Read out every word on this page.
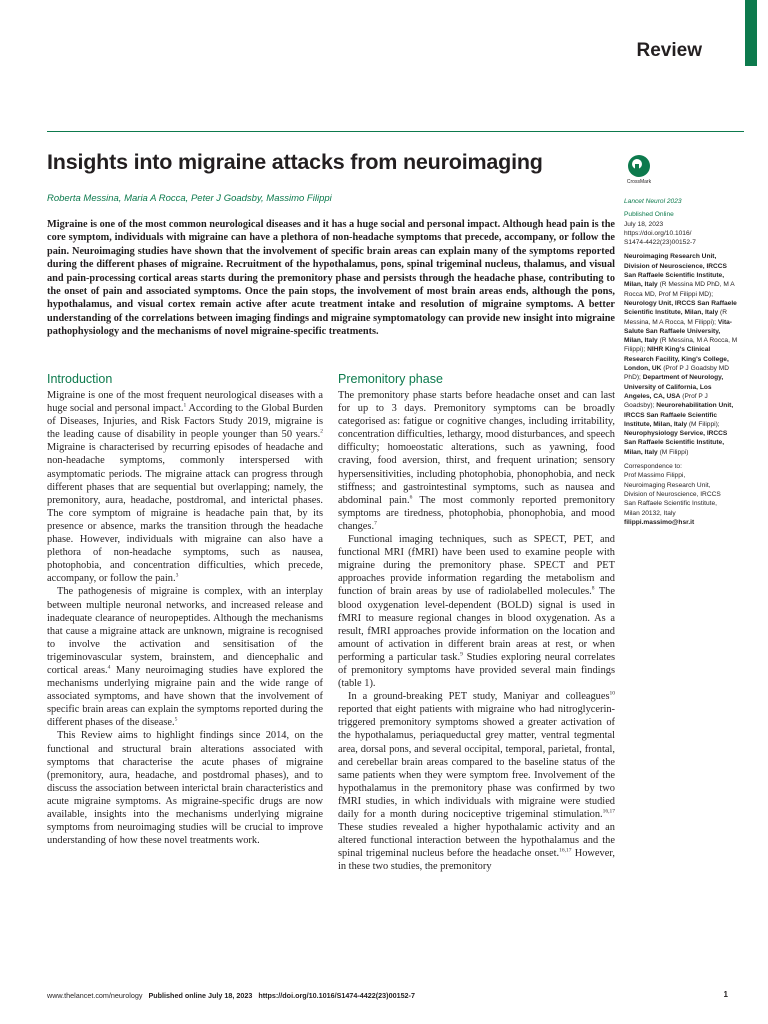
Review
Insights into migraine attacks from neuroimaging
CrossMark
Roberta Messina, Maria A Rocca, Peter J Goadsby, Massimo Filippi
Migraine is one of the most common neurological diseases and it has a huge social and personal impact. Although head pain is the core symptom, individuals with migraine can have a plethora of non-headache symptoms that precede, accompany, or follow the pain. Neuroimaging studies have shown that the involvement of specific brain areas can explain many of the symptoms reported during the different phases of migraine. Recruitment of the hypothalamus, pons, spinal trigeminal nucleus, thalamus, and visual and pain-processing cortical areas starts during the premonitory phase and persists through the headache phase, contributing to the onset of pain and associated symptoms. Once the pain stops, the involvement of most brain areas ends, although the pons, hypothalamus, and visual cortex remain active after acute treatment intake and resolution of migraine symptoms. A better understanding of the correlations between imaging findings and migraine symptomatology can provide new insight into migraine pathophysiology and the mechanisms of novel migraine-specific treatments.
Introduction

Migraine is one of the most frequent neurological diseases with a huge social and personal impact.$^1$ According to the Global Burden of Diseases, Injuries, and Risk Factors Study 2019, migraine is the leading cause of disability in people younger than 50 years.$^2$ Migraine is characterised by recurring episodes of headache and non-headache symptoms, commonly interspersed with asymptomatic periods. The migraine attack can progress through different phases that are sequential but overlapping; namely, the premonitory, aura, headache, postdromal, and interictal phases. The core symptom of migraine is headache pain that, by its presence or absence, marks the transition through the headache phase. However, individuals with migraine can also have a plethora of non-headache symptoms, such as nausea, photophobia, and concentration difficulties, which precede, accompany, or follow the pain.$^3$

The pathogenesis of migraine is complex, with an interplay between multiple neuronal networks, and increased release and inadequate clearance of neuropeptides. Although the mechanisms that cause a migraine attack are unknown, migraine is recognised to involve the activation and sensitisation of the trigeminovascular system, brainstem, and diencephalic and cortical areas.$^4$ Many neuroimaging studies have explored the mechanisms underlying migraine pain and the wide range of associated symptoms, and have shown that the involvement of specific brain areas can explain the symptoms reported during the different phases of the disease.$^5$

This Review aims to highlight findings since 2014, on the functional and structural brain alterations associated with symptoms that characterise the acute phases of migraine (premonitory, aura, headache, and postdromal phases), and to discuss the association between interictal brain characteristics and acute migraine symptoms. As migraine-specific drugs are now available, insights into the mechanisms underlying migraine symptoms from neuroimaging studies will be crucial to improve understanding of how these novel treatments work.

Premonitory phase

The premonitory phase starts before headache onset and can last for up to 3 days. Premonitory symptoms can be broadly categorised as: fatigue or cognitive changes, including irritability, concentration difficulties, lethargy, mood disturbances, and speech difficulty; homoeostatic alterations, such as yawning, food craving, food aversion, thirst, and frequent urination; sensory hypersensitivities, including photophobia, phonophobia, and neck stiffness; and gastrointestinal symptoms, such as nausea and abdominal pain.$^6$ The most commonly reported premonitory symptoms are tiredness, photophobia, phonophobia, and mood changes.$^7$

Functional imaging techniques, such as SPECT, PET, and functional MRI (fMRI) have been used to examine people with migraine during the premonitory phase. SPECT and PET approaches provide information regarding the metabolism and function of brain areas by use of radiolabelled molecules.$^8$ The blood oxygenation level-dependent (BOLD) signal is used in fMRI to measure regional changes in blood oxygenation. As a result, fMRI approaches provide information on the location and amount of activation in different brain areas at rest, or when performing a particular task.$^9$ Studies exploring neural correlates of premonitory symptoms have provided several main findings (table 1).

In a ground-breaking PET study, Maniyar and colleagues$^{10}$ reported that eight patients with migraine who had nitroglycerin-triggered premonitory symptoms showed a greater activation of the hypothalamus, periaqueductal grey matter, ventral tegmental area, dorsal pons, and several occipital, temporal, parietal, frontal, and cerebellar brain areas compared to the baseline status of the same patients when they were symptom free. Involvement of the hypothalamus in the premonitory phase was confirmed by two fMRI studies, in which individuals with migraine were studied daily for a month during nociceptive trigeminal stimulation.$^{16,17}$ These studies revealed a higher hypothalamic activity and an altered functional interaction between the hypothalamus and the spinal trigeminal nucleus before the headache onset.$^{16,17}$ However, in these two studies, the premonitory

Lancet Neurol 2023
Published Online
July 18, 2023
https://doi.org/10.1016/
S1474-4422(23)00152-7
Neuroimaging Research Unit, Division of Neuroscience, IRCCS San Raffaele Scientific Institute, Milan, Italy (R Messina MD PhD, M A Rocca MD, Prof M Filippi MD); Neurology Unit, IRCCS San Raffaele Scientific Institute, Milan, Italy (R Messina, M A Rocca, M Filippi); Vita-Salute San Raffaele University, Milan, Italy (R Messina, M A Rocca, M Filippi); NIHR King's Clinical Research Facility, King's College, London, UK (Prof P J Goadsby MD PhD); Department of Neurology, University of California, Los Angeles, CA, USA (Prof P J Goadsby); Neurorehabilitation Unit, IRCCS San Raffaele Scientific Institute, Milan, Italy (M Filippi); Neurophysiology Service, IRCCS San Raffaele Scientific Institute, Milan, Italy (M Filippi)
Correspondence to:
Prof Massimo Filippi,
Neuroimaging Research Unit,
Division of Neuroscience, IRCCS
San Raffaele Scientific Institute,
Milan 20132, Italy
filippi.massimo@hsr.it
www.thelancet.com/neurology Published online July 18, 2023 https://doi.org/10.1016/S1474-4422(23)00152-7	1
